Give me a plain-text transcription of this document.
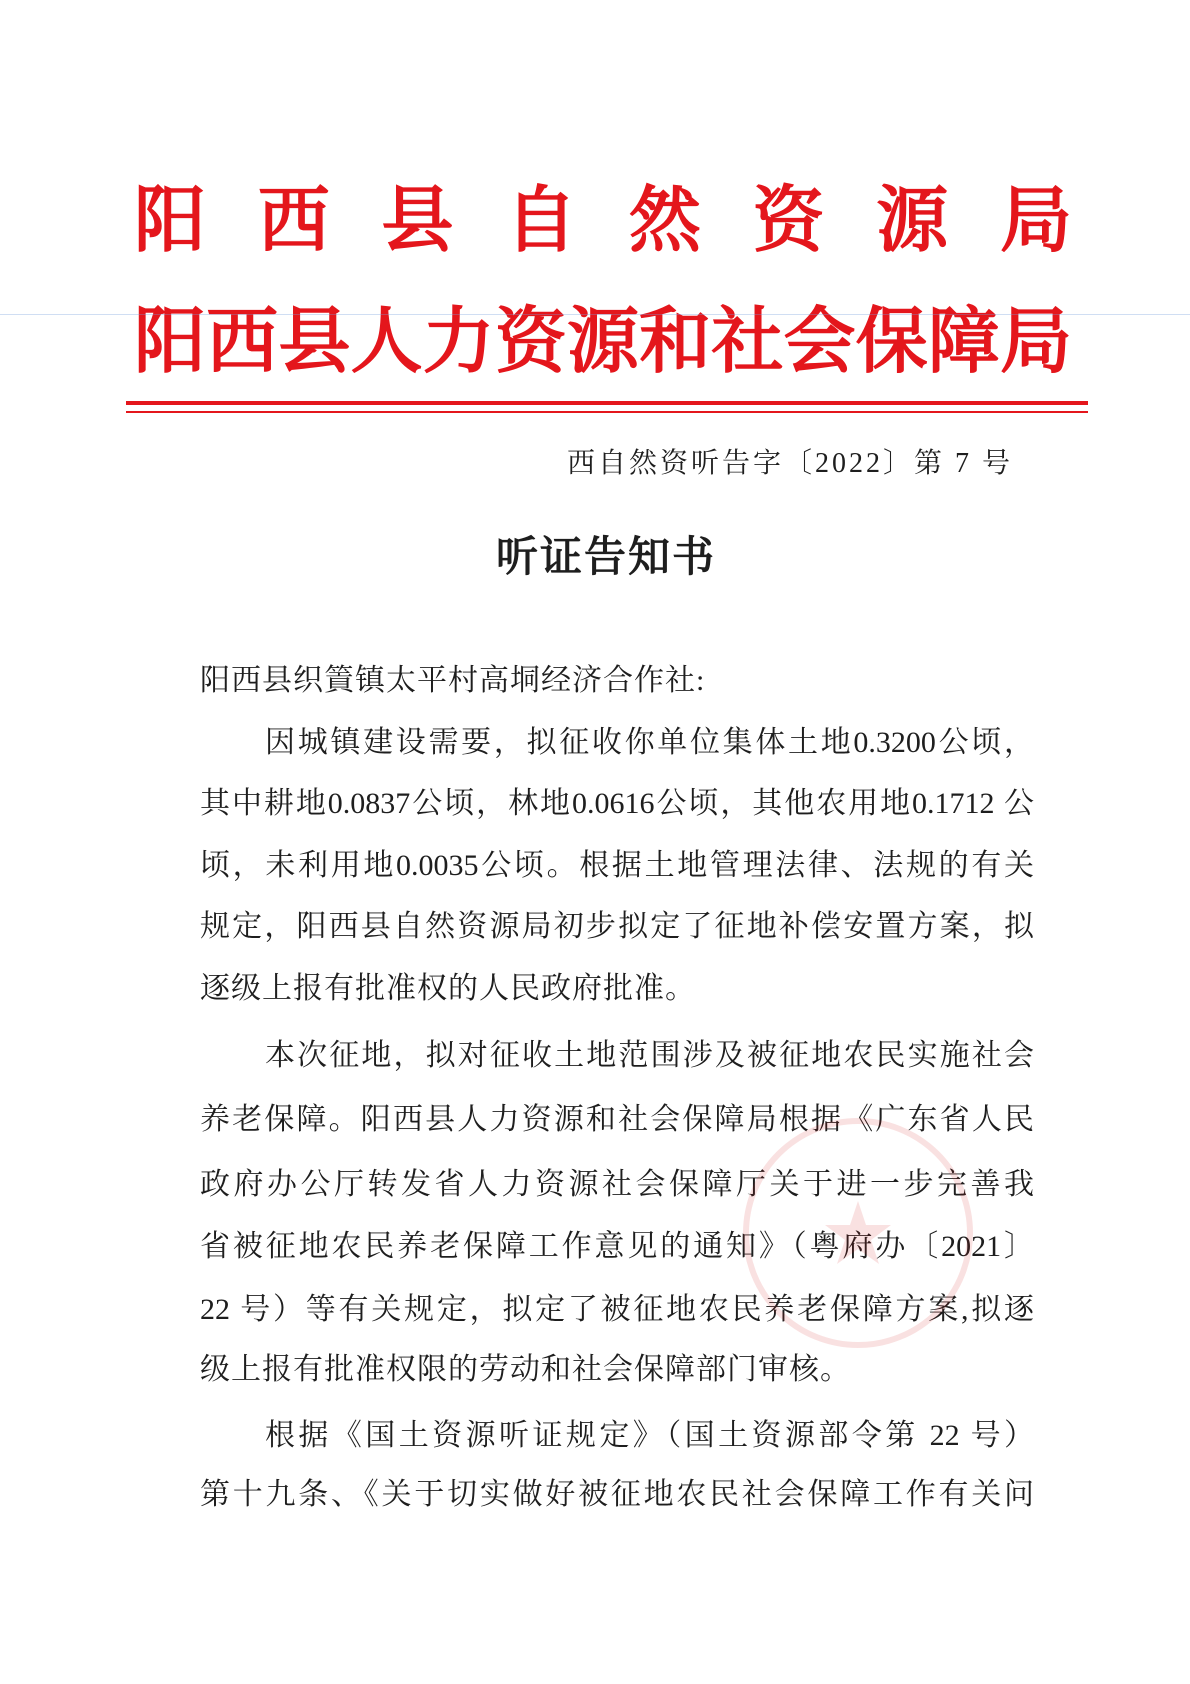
阳西县自然资源局
阳西县人力资源和社会保障局
西自然资听告字〔2022〕第 7 号
听证告知书
阳西县织篢镇太平村高垌经济合作社:
因城镇建设需要，拟征收你单位集体土地0.3200公顷，
其中耕地0.0837公顷，林地0.0616公顷，其他农用地0.1712 公
顷，未利用地0.0035公顷。根据土地管理法律、法规的有关
规定，阳西县自然资源局初步拟定了征地补偿安置方案，拟
逐级上报有批准权的人民政府批准。
本次征地，拟对征收土地范围涉及被征地农民实施社会
养老保障。阳西县人力资源和社会保障局根据《广东省人民
政府办公厅转发省人力资源社会保障厅关于进一步完善我
省被征地农民养老保障工作意见的通知》（粤府办〔2021〕
22 号）等有关规定，拟定了被征地农民养老保障方案,拟逐
级上报有批准权限的劳动和社会保障部门审核。
根据《国土资源听证规定》（国土资源部令第 22 号）
第十九条、《关于切实做好被征地农民社会保障工作有关问
